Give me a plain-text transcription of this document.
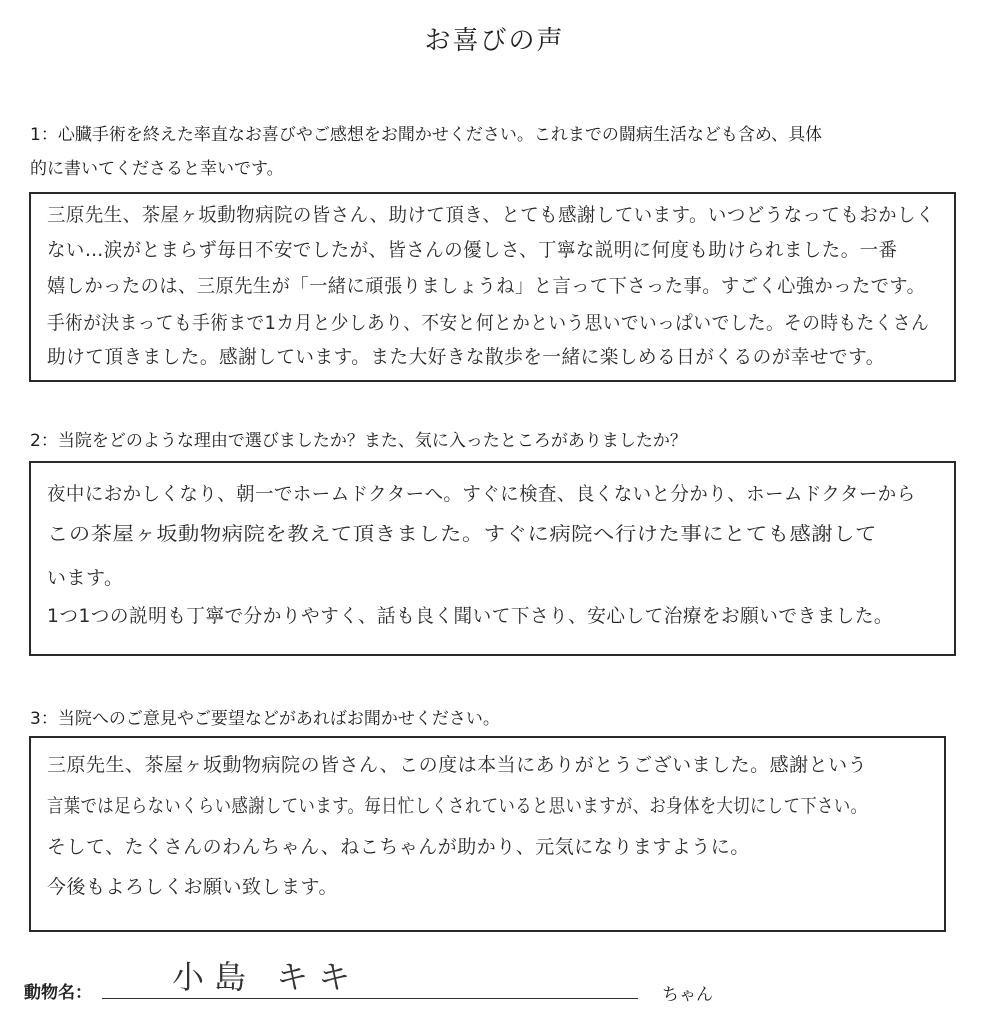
お喜びの声
1：心臓手術を終えた率直なお喜びやご感想をお聞かせください。これまでの闘病生活なども含め、具体
的に書いてくださると幸いです。
三原先生、茶屋ヶ坂動物病院の皆さん、助けて頂き、とても感謝しています。いつどうなってもおかしく
ない…涙がとまらず毎日不安でしたが、皆さんの優しさ、丁寧な説明に何度も助けられました。一番
嬉しかったのは、三原先生が「一緒に頑張りましょうね」と言って下さった事。すごく心強かったです。
手術が決まっても手術まで1カ月と少しあり、不安と何とかという思いでいっぱいでした。その時もたくさん
助けて頂きました。感謝しています。また大好きな散歩を一緒に楽しめる日がくるのが幸せです。
2：当院をどのような理由で選びましたか？また、気に入ったところがありましたか？
夜中におかしくなり、朝一でホームドクターへ。すぐに検査、良くないと分かり、ホームドクターから
この茶屋ヶ坂動物病院を教えて頂きました。すぐに病院へ行けた事にとても感謝して
います。
1つ1つの説明も丁寧で分かりやすく、話も良く聞いて下さり、安心して治療をお願いできました。
3：当院へのご意見やご要望などがあればお聞かせください。
三原先生、茶屋ヶ坂動物病院の皆さん、この度は本当にありがとうございました。感謝という
言葉では足らないくらい感謝しています。毎日忙しくされていると思いますが、お身体を大切にして下さい。
そして、たくさんのわんちゃん、ねこちゃんが助かり、元気になりますように。
今後もよろしくお願い致します。
動物名：	小島 キキ	ちゃん
